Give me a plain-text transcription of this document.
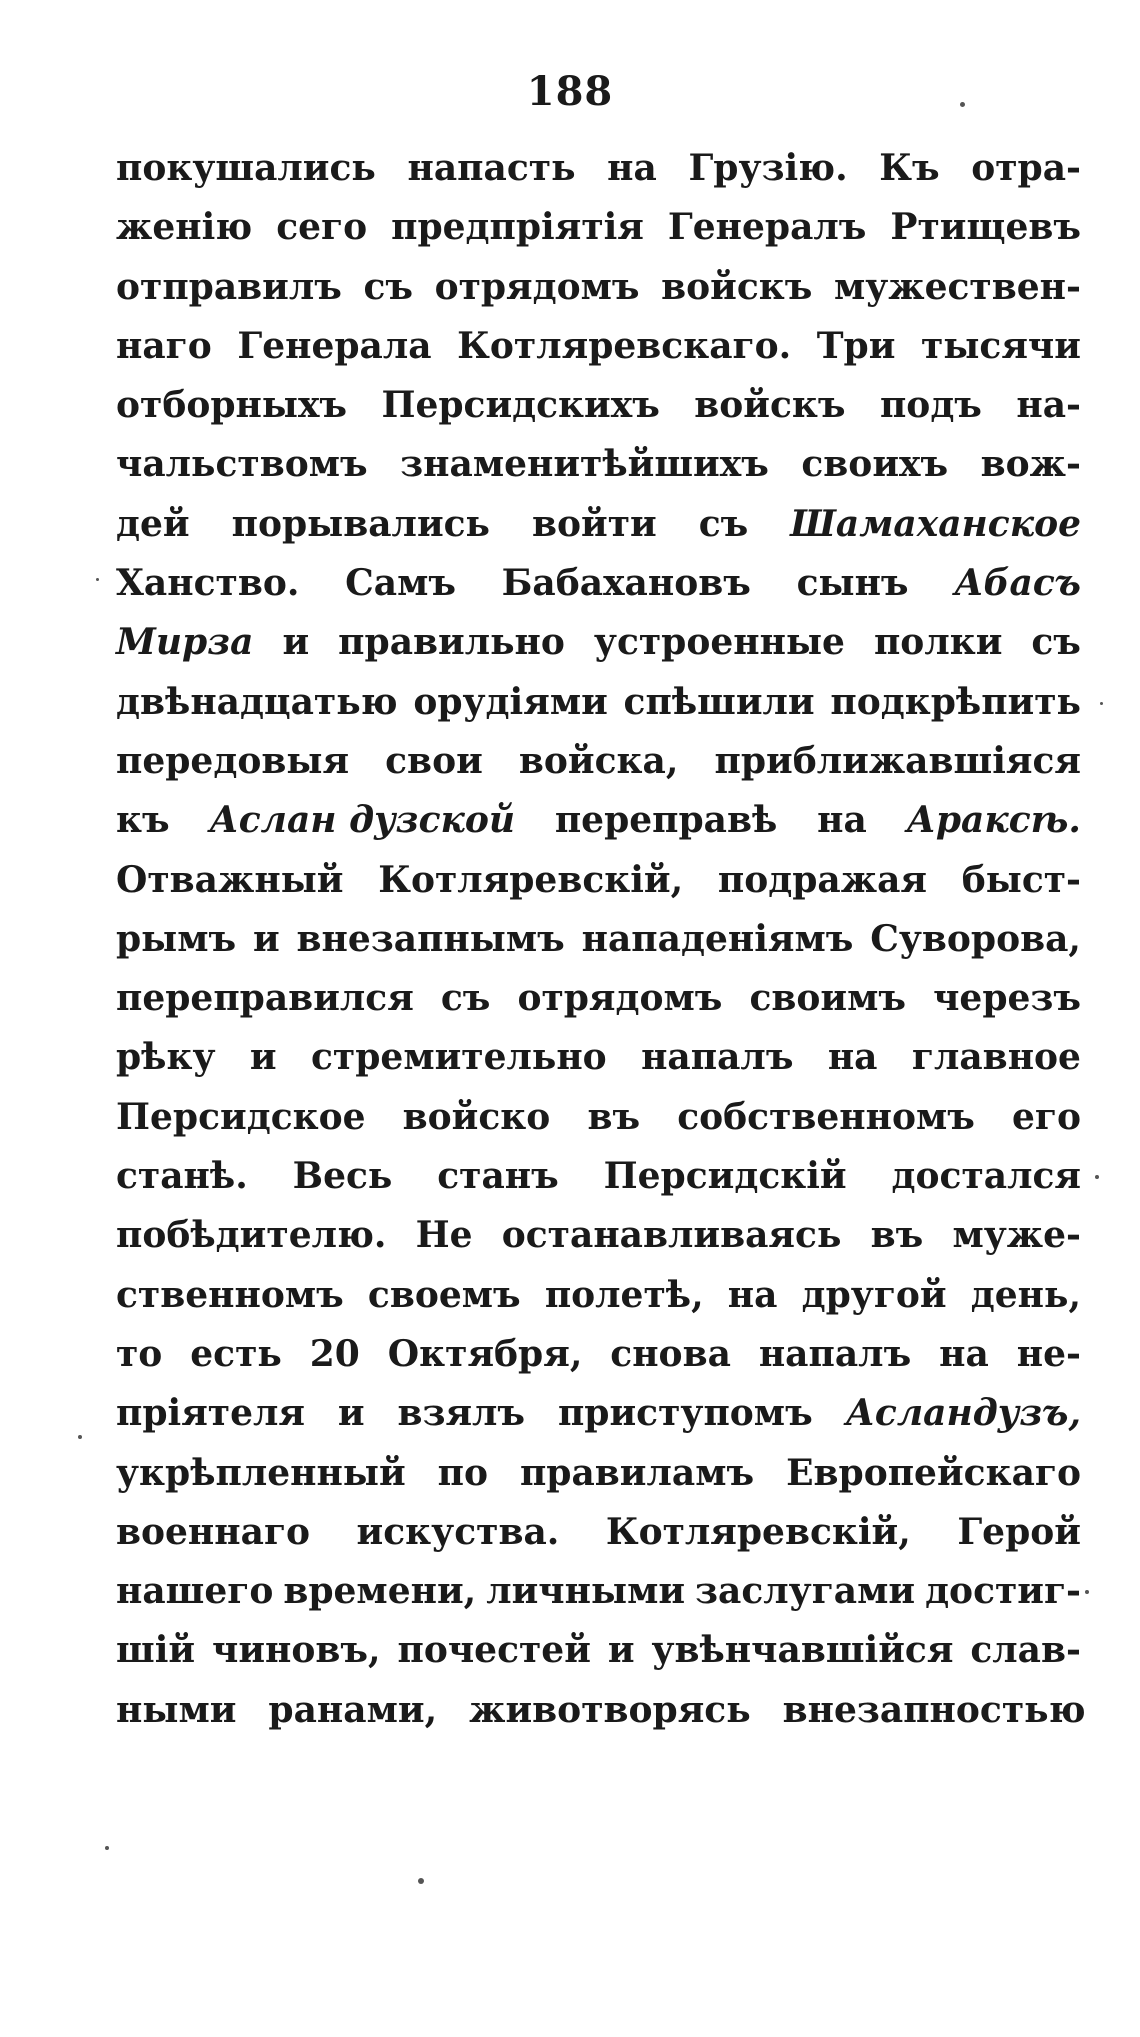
188
покушались напасть на Грузію. Къ отра-
женію сего предпріятія Генералъ Ртищевъ
отправилъ съ отрядомъ войскъ мужествен-
наго Генерала Котляревскаго. Три тысячи
отборныхъ Персидскихъ войскъ подъ на-
чальствомъ знаменитѣйшихъ своихъ вож-
дей порывались войти съ Шамаханское
Ханство. Самъ Бабахановъ сынъ Абасъ
Мирза и правильно устроенные полки съ
двѣнадцатью орудіями спѣшили подкрѣпить
передовыя свои войска, приближавшіяся
къ Аслан дузской переправѣ на Араксѣ.
Отважный Котляревскій, подражая быст-
рымъ и внезапнымъ нападеніямъ Суворова,
переправился съ отрядомъ своимъ черезъ
рѣку и стремительно напалъ на главное
Персидское войско въ собственномъ его
станѣ. Весь станъ Персидскій достался
побѣдителю. Не останавливаясь въ муже-
ственномъ своемъ полетѣ, на другой день,
то есть 20 Октября, снова напалъ на не-
пріятеля и взялъ приступомъ Асландузъ,
укрѣпленный по правиламъ Европейскаго
военнаго искуства. Котляревскій, Герой
нашего времени, личными заслугами достиг-
шій чиновъ, почестей и увѣнчавшійся слав-
ными ранами, животворясь внезапностью
